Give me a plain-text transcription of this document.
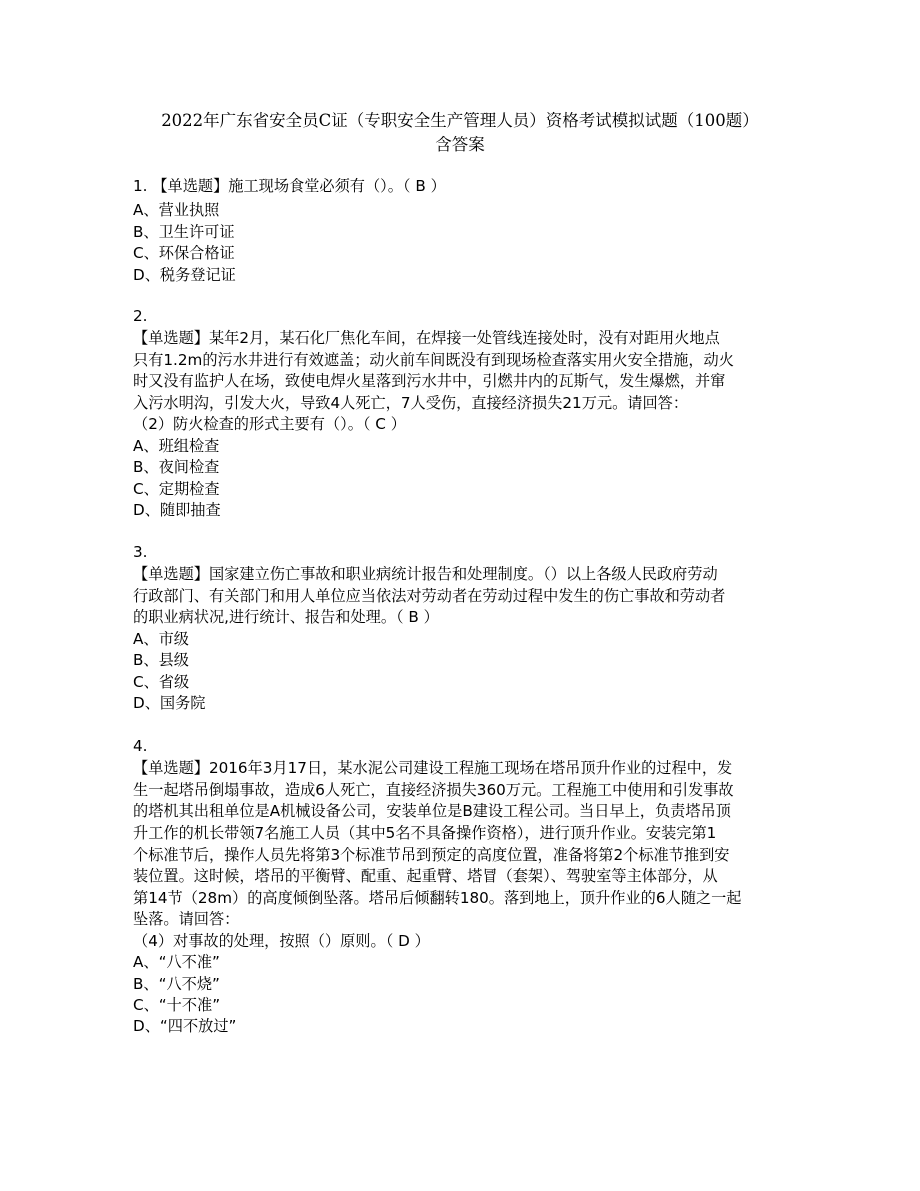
2022年广东省安全员C证（专职安全生产管理人员）资格考试模拟试题（100题）
含答案
1. 【单选题】施工现场食堂必须有（）。（ B ）
A、营业执照
B、卫生许可证
C、环保合格证
D、税务登记证
2.
【单选题】某年2月，某石化厂焦化车间，在焊接一处管线连接处时，没有对距用火地点
只有1.2m的污水井进行有效遮盖；动火前车间既没有到现场检查落实用火安全措施，动火
时又没有监护人在场，致使电焊火星落到污水井中，引燃井内的瓦斯气，发生爆燃，并窜
入污水明沟，引发大火，导致4人死亡，7人受伤，直接经济损失21万元。请回答：
（2）防火检查的形式主要有（）。（ C ）
A、班组检查
B、夜间检查
C、定期检查
D、随即抽查
3.
【单选题】国家建立伤亡事故和职业病统计报告和处理制度。（）以上各级人民政府劳动
行政部门、有关部门和用人单位应当依法对劳动者在劳动过程中发生的伤亡事故和劳动者
的职业病状况,进行统计、报告和处理。（ B ）
A、市级
B、县级
C、省级
D、国务院
4.
【单选题】2016年3月17日，某水泥公司建设工程施工现场在塔吊顶升作业的过程中，发
生一起塔吊倒塌事故，造成6人死亡，直接经济损失360万元。工程施工中使用和引发事故
的塔机其出租单位是A机械设备公司，安装单位是B建设工程公司。当日早上，负责塔吊顶
升工作的机长带领7名施工人员（其中5名不具备操作资格），进行顶升作业。安装完第1
个标准节后，操作人员先将第3个标准节吊到预定的高度位置，准备将第2个标准节推到安
装位置。这时候，塔吊的平衡臂、配重、起重臂、塔冒（套架）、驾驶室等主体部分，从
第14节（28m）的高度倾倒坠落。塔吊后倾翻转180。落到地上，顶升作业的6人随之一起
坠落。请回答：
（4）对事故的处理，按照（）原则。（ D ）
A、“八不准”
B、“八不烧”
C、“十不准”
D、“四不放过”
